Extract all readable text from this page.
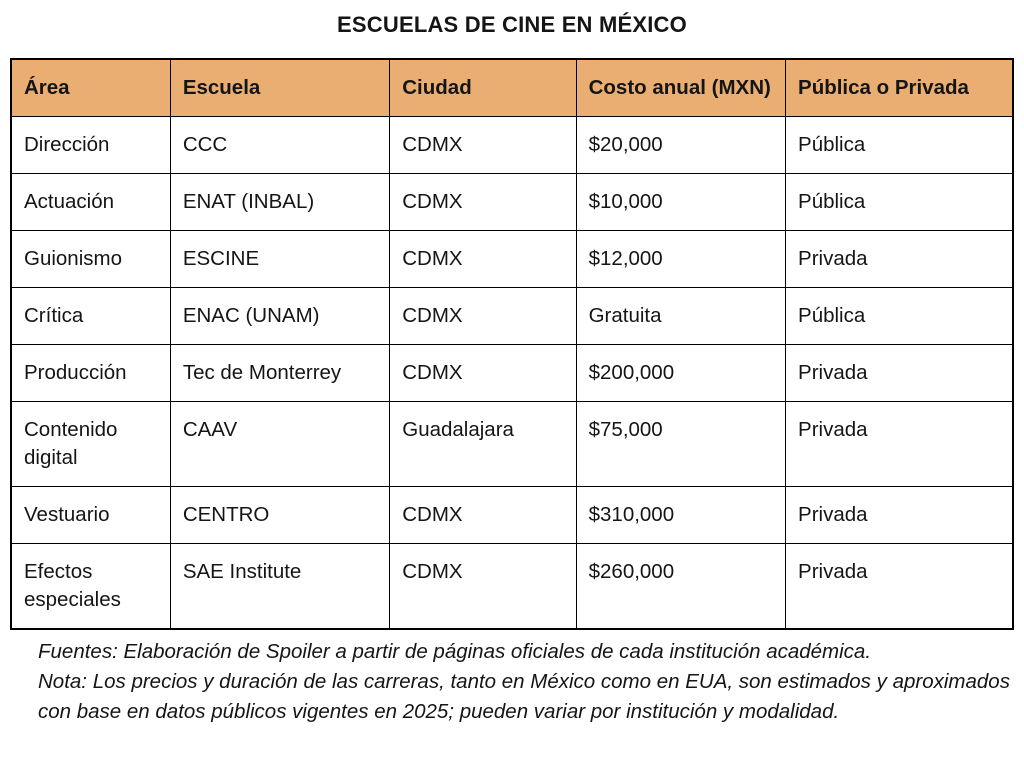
ESCUELAS DE CINE EN MÉXICO
Área	Escuela	Ciudad	Costo anual (MXN)	Pública o Privada
Dirección	CCC	CDMX	$20,000	Pública
Actuación	ENAT (INBAL)	CDMX	$10,000	Pública
Guionismo	ESCINE	CDMX	$12,000	Privada
Crítica	ENAC (UNAM)	CDMX	Gratuita	Pública
Producción	Tec de Monterrey	CDMX	$200,000	Privada
Contenido digital	CAAV	Guadalajara	$75,000	Privada
Vestuario	CENTRO	CDMX	$310,000	Privada
Efectos especiales	SAE Institute	CDMX	$260,000	Privada

Fuentes: Elaboración de Spoiler a partir de páginas oficiales de cada institución académica.

Nota: Los precios y duración de las carreras, tanto en México como en EUA, son estimados y aproximados con base en datos públicos vigentes en 2025; pueden variar por institución y modalidad.
